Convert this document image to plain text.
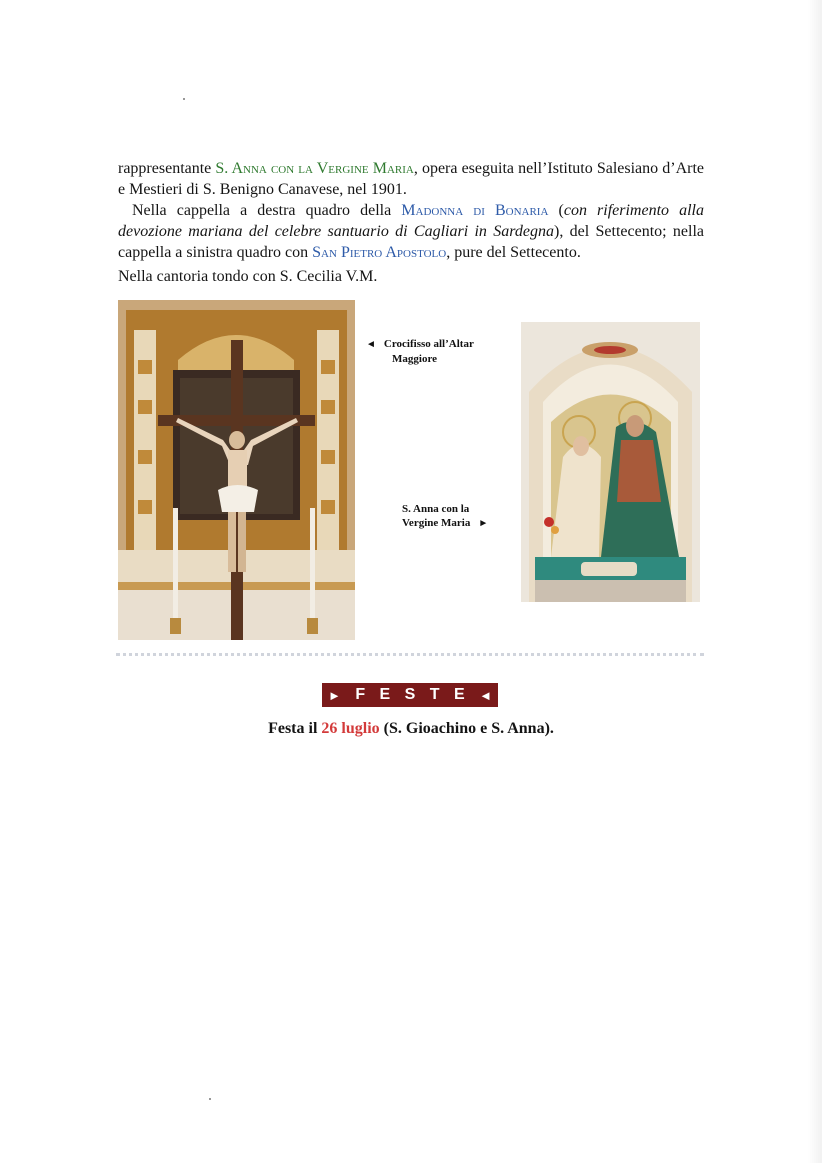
rappresentante S. Anna con la Vergine Maria, opera eseguita nell’Istituto Salesiano d’Arte e Mestieri di S. Benigno Canavese, nel 1901.

Nella cappella a destra quadro della Madonna di Bonaria (con riferimento alla devozione mariana del celebre santuario di Cagliari in Sardegna), del Settecento; nella cappella a sinistra quadro con San Pietro Apostolo, pure del Settecento.

Nella cantoria tondo con S. Cecilia V.M.

◄ Crocifisso all’Altar
Maggiore
S. Anna con la
Vergine Maria ►
► F E S T E ◄
Festa il 26 luglio (S. Gioachino e S. Anna).
